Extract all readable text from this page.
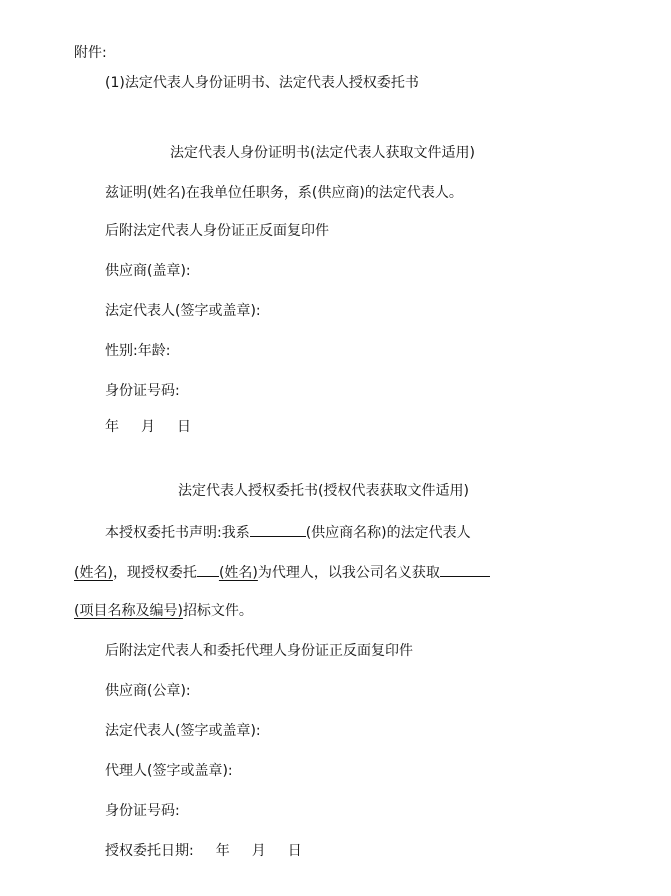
附件:
(1)法定代表人身份证明书、法定代表人授权委托书
法定代表人身份证明书(法定代表人获取文件适用)
兹证明(姓名)在我单位任职务，系(供应商)的法定代表人。
后附法定代表人身份证正反面复印件
供应商(盖章):
法定代表人(签字或盖章):
性别:年龄:
身份证号码:
年 月 日
法定代表人授权委托书(授权代表获取文件适用)
本授权委托书声明:我系	(供应商名称)的法定代表人
(姓名)，现授权委托 (姓名)为代理人，以我公司名义获取
(项目名称及编号)招标文件。
后附法定代表人和委托代理人身份证正反面复印件
供应商(公章):
法定代表人(签字或盖章):
代理人(签字或盖章):
身份证号码:
授权委托日期: 年 月 日
